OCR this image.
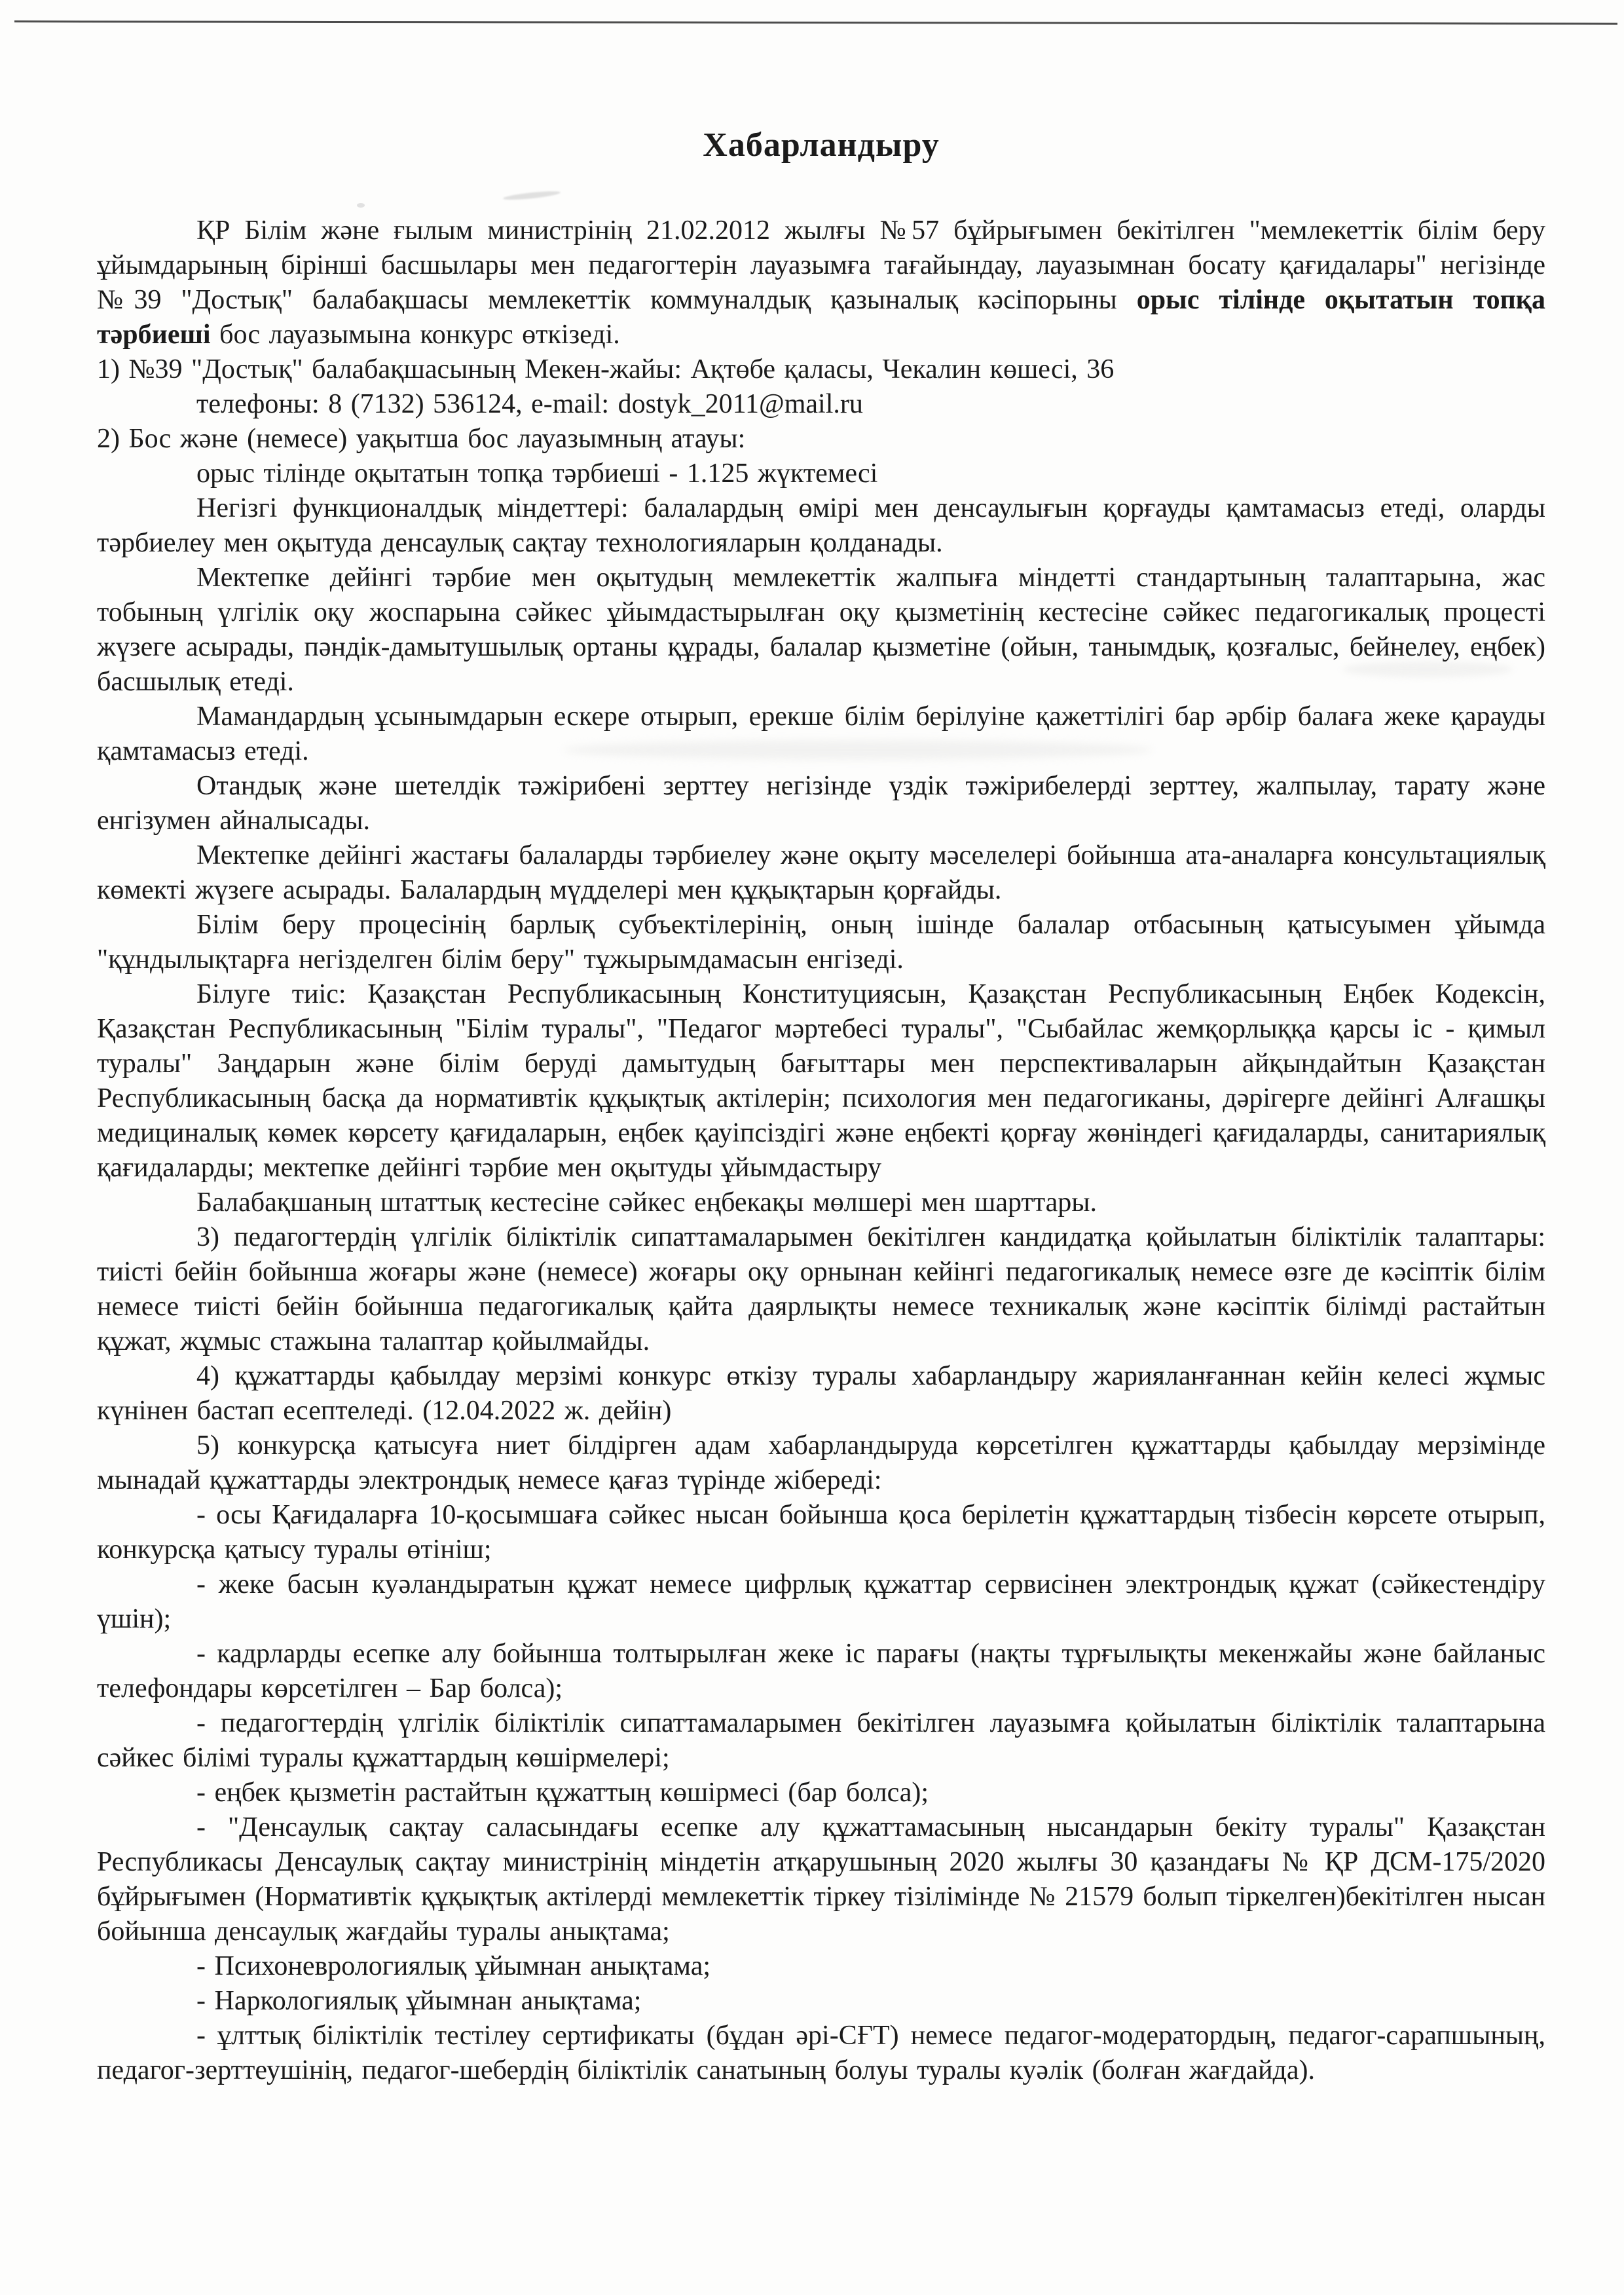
Хабарландыру

ҚР Білім және ғылым министрінің 21.02.2012 жылғы №57 бұйрығымен бекітілген "мемлекеттік білім беру ұйымдарының бірінші басшылары мен педагогтерін лауазымға тағайындау, лауазымнан босату қағидалары" негізінде №39 "Достық" балабақшасы мемлекеттік коммуналдық қазыналық кәсіпорыны орыс тілінде оқытатын топқа тәрбиеші бос лауазымына конкурс өткізеді.

1) №39 "Достық" балабақшасының Мекен-жайы: Ақтөбе қаласы, Чекалин көшесі, 36

телефоны: 8 (7132) 536124, e-mail: dostyk_2011@mail.ru

2) Бос және (немесе) уақытша бос лауазымның атауы:

орыс тілінде оқытатын топқа тәрбиеші - 1.125 жүктемесі

Негізгі функционалдық міндеттері: балалардың өмірі мен денсаулығын қорғауды қамтамасыз етеді, оларды тәрбиелеу мен оқытуда денсаулық сақтау технологияларын қолданады.

Мектепке дейінгі тәрбие мен оқытудың мемлекеттік жалпыға міндетті стандартының талаптарына, жас тобының үлгілік оқу жоспарына сәйкес ұйымдастырылған оқу қызметінің кестесіне сәйкес педагогикалық процесті жүзеге асырады, пәндік-дамытушылық ортаны құрады, балалар қызметіне (ойын, танымдық, қозғалыс, бейнелеу, еңбек) басшылық етеді.

Мамандардың ұсынымдарын ескере отырып, ерекше білім берілуіне қажеттілігі бар әрбір балаға жеке қарауды қамтамасыз етеді.

Отандық және шетелдік тәжірибені зерттеу негізінде үздік тәжірибелерді зерттеу, жалпылау, тарату және енгізумен айналысады.

Мектепке дейінгі жастағы балаларды тәрбиелеу және оқыту мәселелері бойынша ата-аналарға консультациялық көмекті жүзеге асырады. Балалардың мүдделері мен құқықтарын қорғайды.

Білім беру процесінің барлық субъектілерінің, оның ішінде балалар отбасының қатысуымен ұйымда "құндылықтарға негізделген білім беру" тұжырымдамасын енгізеді.

Білуге тиіс: Қазақстан Республикасының Конституциясын, Қазақстан Республикасының Еңбек Кодексін, Қазақстан Республикасының "Білім туралы", "Педагог мәртебесі туралы", "Сыбайлас жемқорлыққа қарсы іс - қимыл туралы" Заңдарын және білім беруді дамытудың бағыттары мен перспективаларын айқындайтын Қазақстан Республикасының басқа да нормативтік құқықтық актілерін; психология мен педагогиканы, дәрігерге дейінгі Алғашқы медициналық көмек көрсету қағидаларын, еңбек қауіпсіздігі және еңбекті қорғау жөніндегі қағидаларды, санитариялық қағидаларды; мектепке дейінгі тәрбие мен оқытуды ұйымдастыру

Балабақшаның штаттық кестесіне сәйкес еңбекақы мөлшері мен шарттары.

3) педагогтердің үлгілік біліктілік сипаттамаларымен бекітілген кандидатқа қойылатын біліктілік талаптары: тиісті бейін бойынша жоғары және (немесе) жоғары оқу орнынан кейінгі педагогикалық немесе өзге де кәсіптік білім немесе тиісті бейін бойынша педагогикалық қайта даярлықты немесе техникалық және кәсіптік білімді растайтын құжат, жұмыс стажына талаптар қойылмайды.

4) құжаттарды қабылдау мерзімі конкурс өткізу туралы хабарландыру жарияланғаннан кейін келесі жұмыс күнінен бастап есептеледі. (12.04.2022 ж. дейін)

5) конкурсқа қатысуға ниет білдірген адам хабарландыруда көрсетілген құжаттарды қабылдау мерзімінде мынадай құжаттарды электрондық немесе қағаз түрінде жібереді:

- осы Қағидаларға 10-қосымшаға сәйкес нысан бойынша қоса берілетін құжаттардың тізбесін көрсете отырып, конкурсқа қатысу туралы өтініш;

- жеке басын куәландыратын құжат немесе цифрлық құжаттар сервисінен электрондық құжат (сәйкестендіру үшін);

- кадрларды есепке алу бойынша толтырылған жеке іс парағы (нақты тұрғылықты мекенжайы және байланыс телефондары көрсетілген – Бар болса);

- педагогтердің үлгілік біліктілік сипаттамаларымен бекітілген лауазымға қойылатын біліктілік талаптарына сәйкес білімі туралы құжаттардың көшірмелері;

- еңбек қызметін растайтын құжаттың көшірмесі (бар болса);

- "Денсаулық сақтау саласындағы есепке алу құжаттамасының нысандарын бекіту туралы" Қазақстан Республикасы Денсаулық сақтау министрінің міндетін атқарушының 2020 жылғы 30 қазандағы № ҚР ДСМ-175/2020 бұйрығымен (Нормативтік құқықтық актілерді мемлекеттік тіркеу тізілімінде № 21579 болып тіркелген)бекітілген нысан бойынша денсаулық жағдайы туралы анықтама;

- Психоневрологиялық ұйымнан анықтама;

- Наркологиялық ұйымнан анықтама;

- ұлттық біліктілік тестілеу сертификаты (бұдан әрі-СҒТ) немесе педагог-модератордың, педагог-сарапшының, педагог-зерттеушінің, педагог-шебердің біліктілік санатының болуы туралы куәлік (болған жағдайда).
